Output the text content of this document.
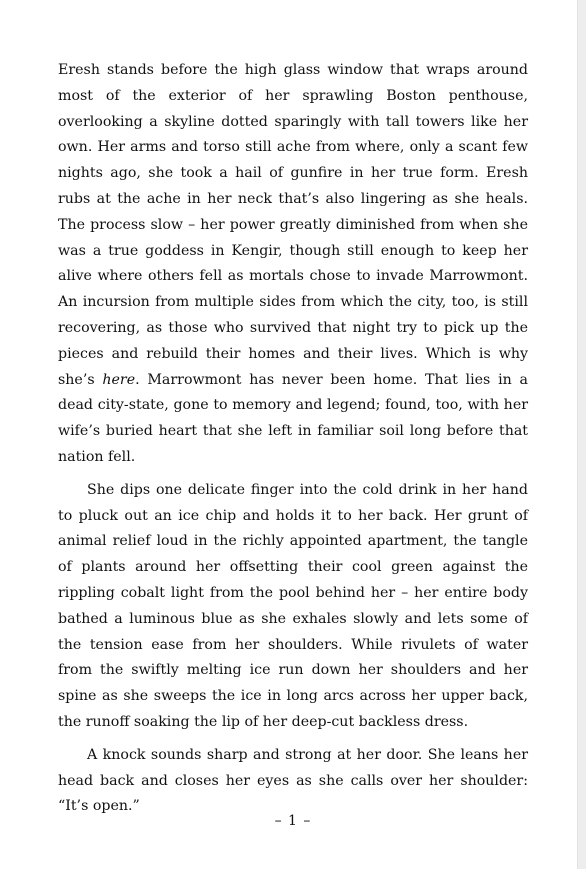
Eresh stands before the high glass window that wraps around most of the exterior of her sprawling Boston penthouse, overlooking a skyline dotted sparingly with tall towers like her own. Her arms and torso still ache from where, only a scant few nights ago, she took a hail of gunfire in her true form. Eresh rubs at the ache in her neck that’s also lingering as she heals. The process slow – her power greatly diminished from when she was a true goddess in Kengir, though still enough to keep her alive where others fell as mortals chose to invade Marrowmont. An incursion from multiple sides from which the city, too, is still recovering, as those who survived that night try to pick up the pieces and rebuild their homes and their lives. Which is why she’s here. Marrowmont has never been home. That lies in a dead city-state, gone to memory and legend; found, too, with her wife’s buried heart that she left in familiar soil long before that nation fell.

She dips one delicate finger into the cold drink in her hand to pluck out an ice chip and holds it to her back. Her grunt of animal relief loud in the richly appointed apartment, the tangle of plants around her offsetting their cool green against the rippling cobalt light from the pool behind her – her entire body bathed a luminous blue as she exhales slowly and lets some of the tension ease from her shoulders. While rivulets of water from the swiftly melting ice run down her shoulders and her spine as she sweeps the ice in long arcs across her upper back, the runoff soaking the lip of her deep-cut backless dress.

A knock sounds sharp and strong at her door. She leans her head back and closes her eyes as she calls over her shoulder: “It’s open.”

– 1 –
